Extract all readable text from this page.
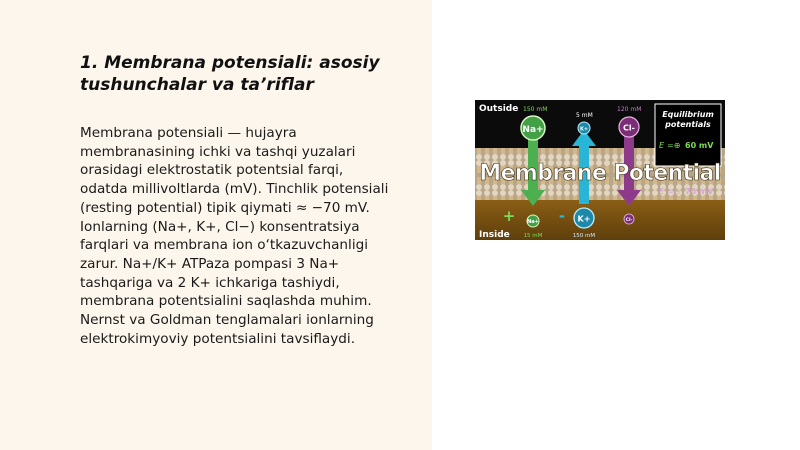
1. Membrana potensiali: asosiy tushunchalar va ta’riflar

Membrana potensiali — hujayra
membranasining ichki va tashqi yuzalari
orasidagi elektrostatik potentsial farqi,
odatda millivoltlarda (mV). Tinchlik potensiali
(resting potential) tipik qiymati ≈ −70 mV.
Ionlarning (Na+, K+, Cl−) konsentratsiya
farqlari va membrana ion o‘tkazuvchanligi
zarur. Na+/K+ ATPaza pompasi 3 Na+
tashqariga va 2 K+ ichkariga tashiydi,
membrana potentsialini saqlashda muhim.
Nernst va Goldman tenglamalari ionlarning
elektrokimyoviy potentsialini tavsiflaydi.

Outside
Inside
150 mM
5 mM
120 mM
Na+	K+	Cl-
Equilibrium
potentials
E =⊕ 60 mV
Membrane Potential
E =⊖ 70 mV
+ Na+
15 mM
- K+
150 mM
Cl-
